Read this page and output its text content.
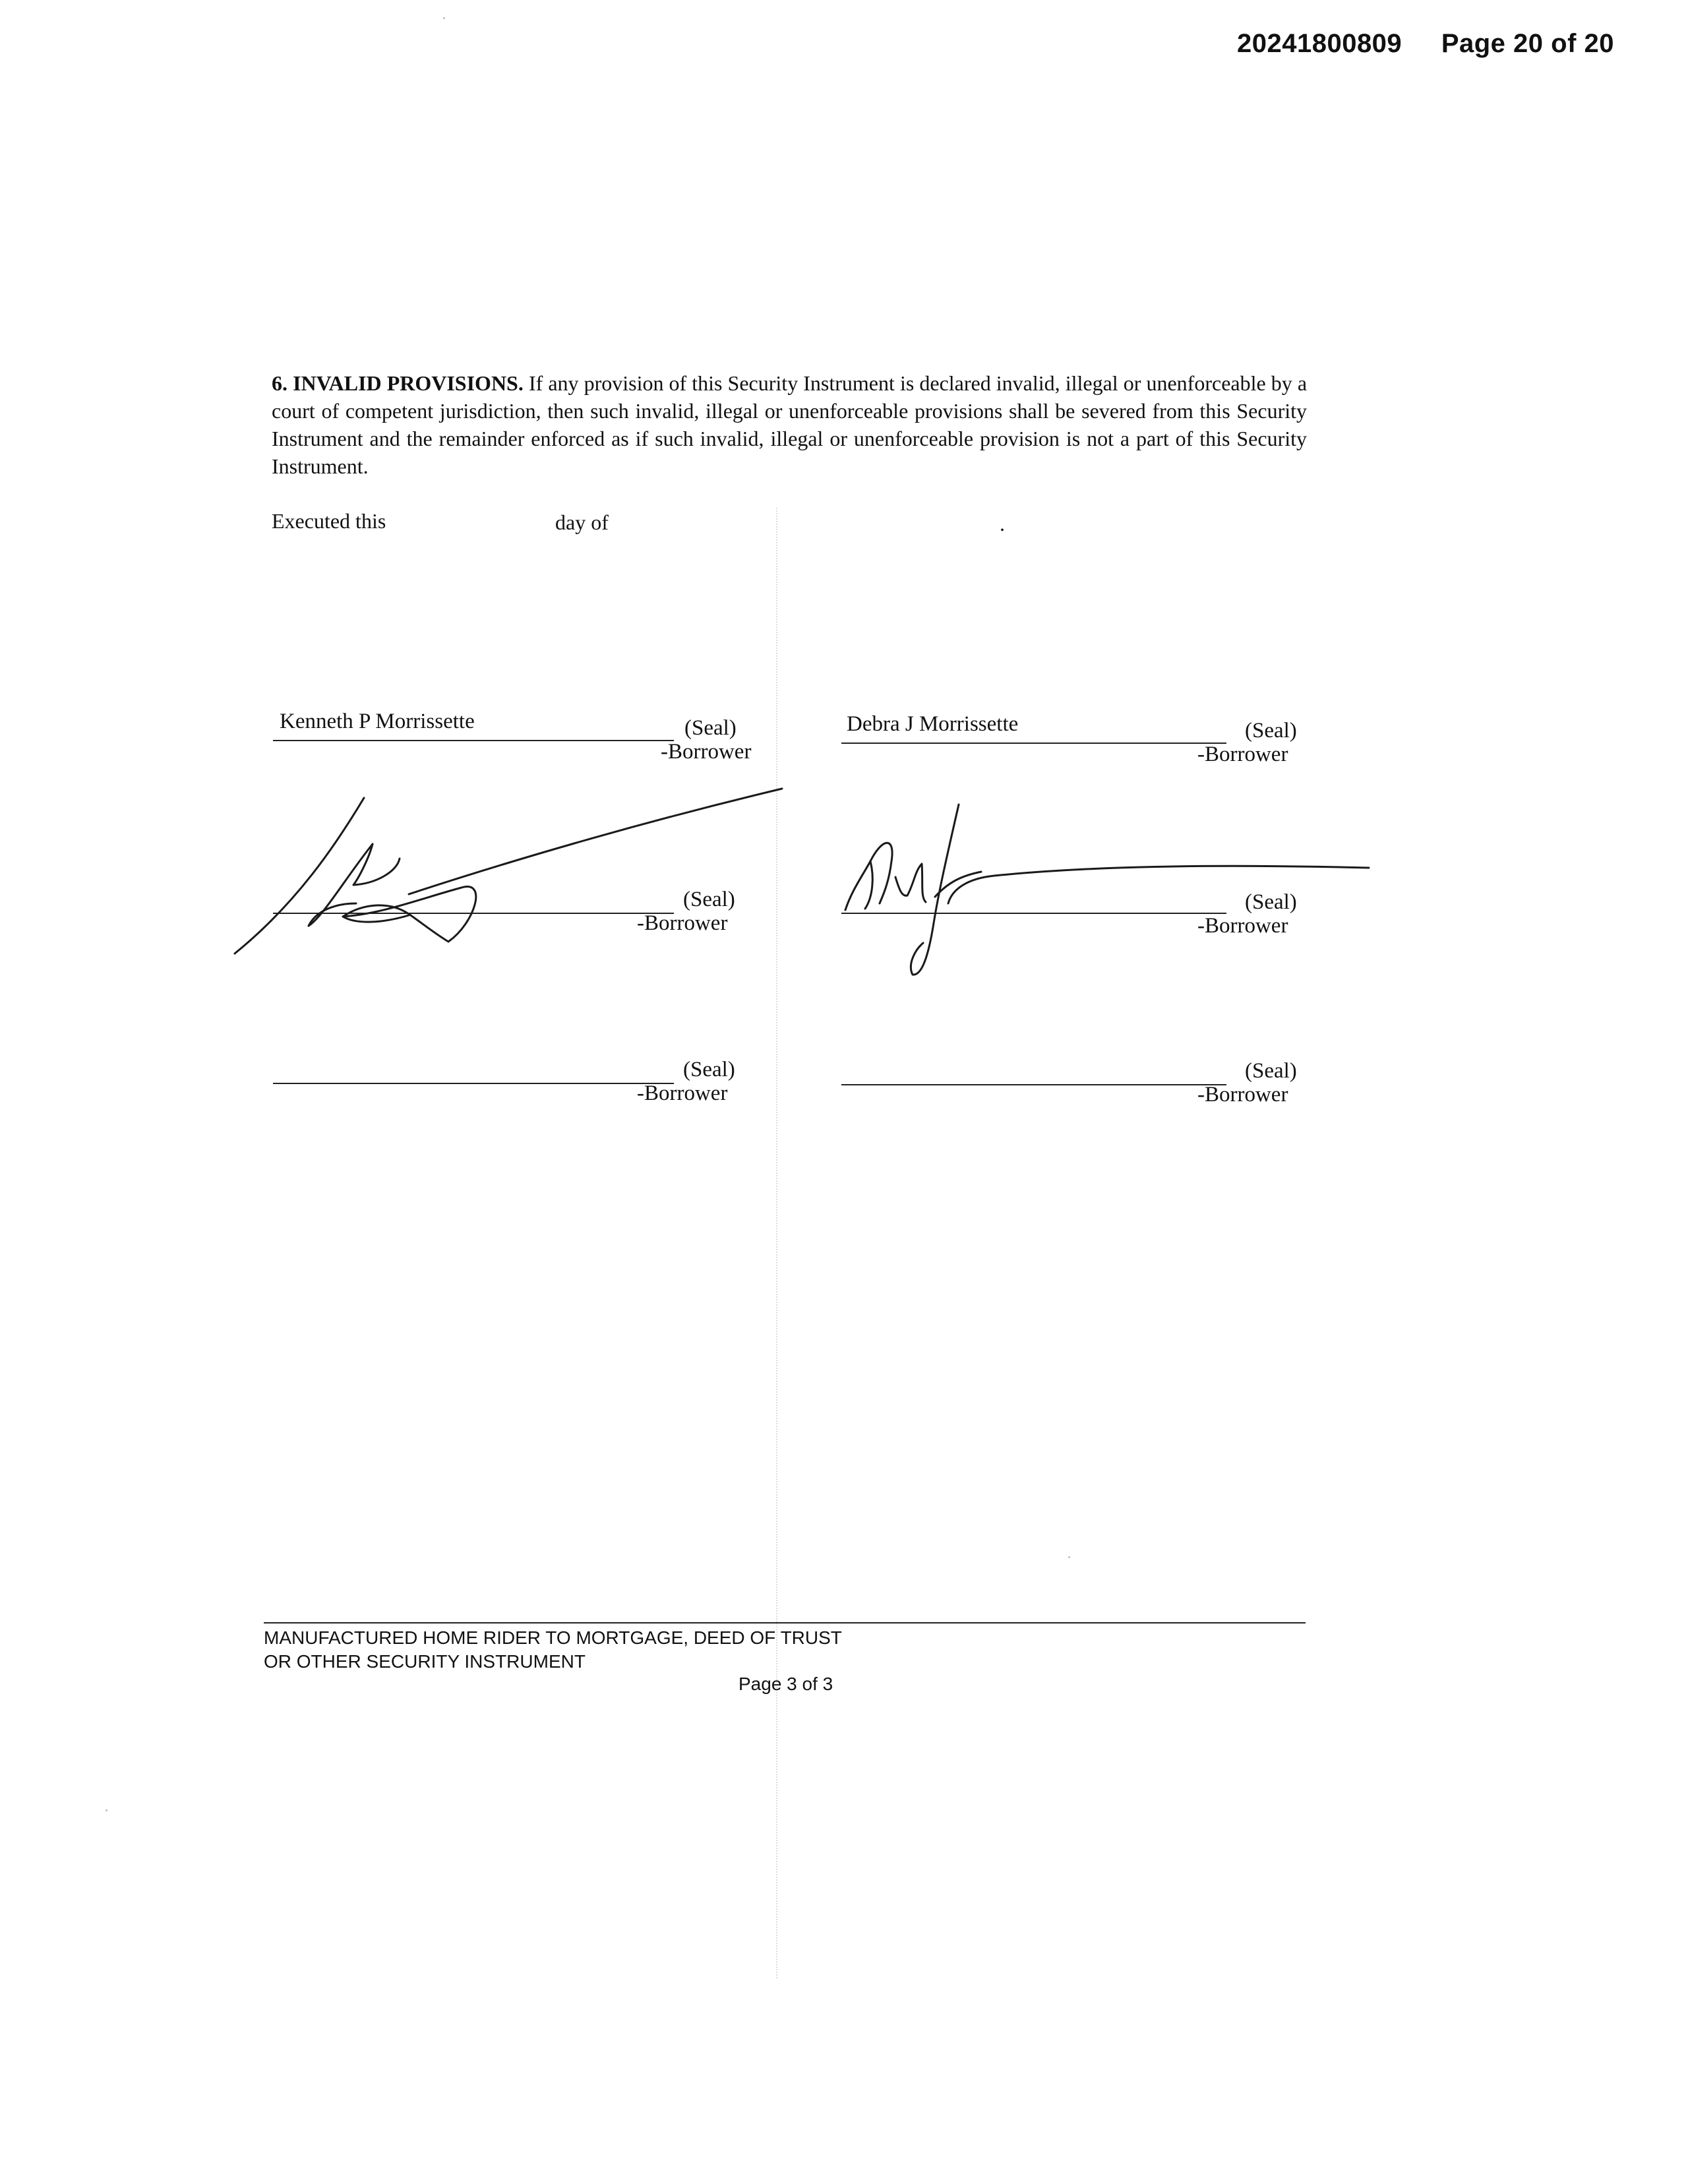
20241800809 Page 20 of 20
6. INVALID PROVISIONS. If any provision of this Security Instrument is declared invalid, illegal or unenforceable by a court of competent jurisdiction, then such invalid, illegal or unenforceable provisions shall be severed from this Security Instrument and the remainder enforced as if such invalid, illegal or unenforceable provision is not a part of this Security Instrument.
Executed this	day of	.
Kenneth P Morrissette	(Seal)
-Borrower
Debra J Morrissette	(Seal)
-Borrower
(Seal)
-Borrower
(Seal)
-Borrower
(Seal)
-Borrower
(Seal)
-Borrower
MANUFACTURED HOME RIDER TO MORTGAGE, DEED OF TRUST
OR OTHER SECURITY INSTRUMENT
Page 3 of 3
